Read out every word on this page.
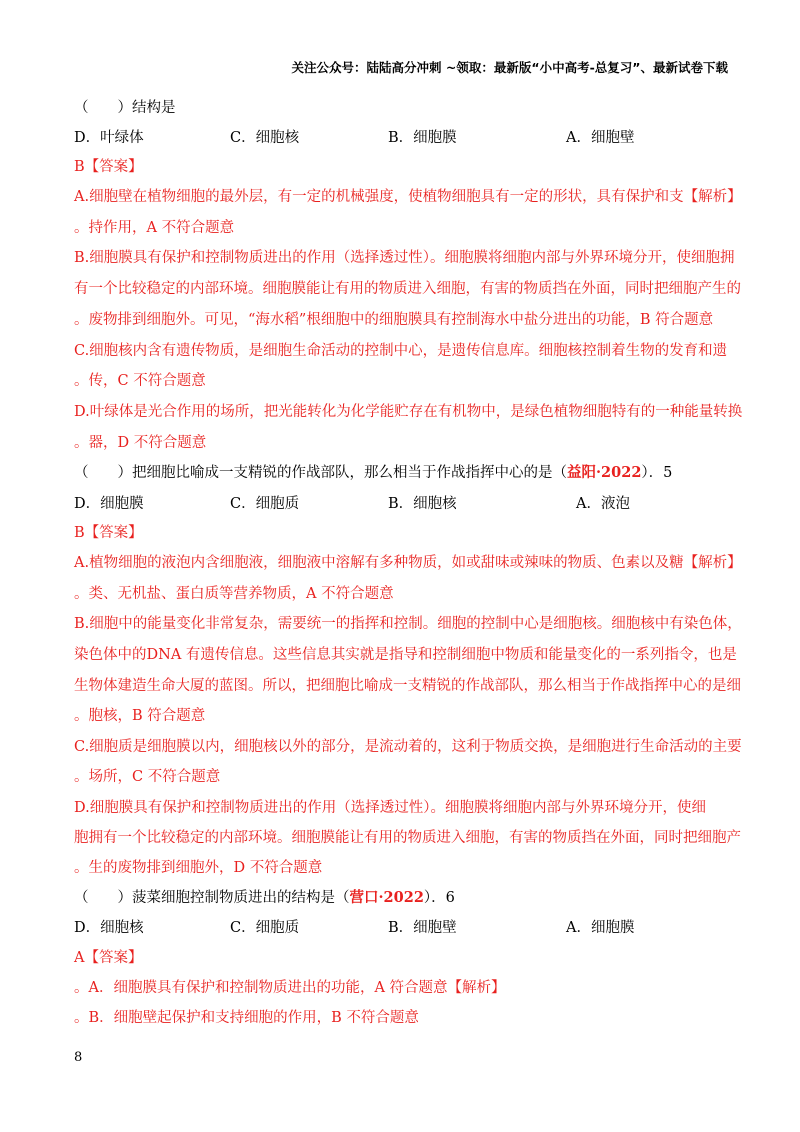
关注公众号：陆陆高分冲刺 ~领取：最新版“小中高考-总复习”、最新试卷下载
（　　）结构是
D．叶绿体	C．细胞核	B．细胞膜	A．细胞壁
B【答案】
A.细胞壁在植物细胞的最外层，有一定的机械强度，使植物细胞具有一定的形状，具有保护和支【解析】
。持作用，A 不符合题意
B.细胞膜具有保护和控制物质进出的作用（选择透过性）。细胞膜将细胞内部与外界环境分开，使细胞拥
有一个比较稳定的内部环境。细胞膜能让有用的物质进入细胞，有害的物质挡在外面，同时把细胞产生的
。废物排到细胞外。可见，“海水稻”根细胞中的细胞膜具有控制海水中盐分进出的功能，B 符合题意
C.细胞核内含有遗传物质，是细胞生命活动的控制中心，是遗传信息库。细胞核控制着生物的发育和遗
。传，C 不符合题意
D.叶绿体是光合作用的场所，把光能转化为化学能贮存在有机物中，是绿色植物细胞特有的一种能量转换
。器，D 不符合题意
（　　）把细胞比喻成一支精锐的作战部队，那么相当于作战指挥中心的是（益阳·2022）．5
D．细胞膜	C．细胞质	B．细胞核	A．液泡
B【答案】
A.植物细胞的液泡内含细胞液，细胞液中溶解有多种物质，如或甜味或辣味的物质、色素以及糖【解析】
。类、无机盐、蛋白质等营养物质，A 不符合题意
B.细胞中的能量变化非常复杂，需要统一的指挥和控制。细胞的控制中心是细胞核。细胞核中有染色体，
染色体中的DNA 有遗传信息。这些信息其实就是指导和控制细胞中物质和能量变化的一系列指令，也是
生物体建造生命大厦的蓝图。所以，把细胞比喻成一支精锐的作战部队，那么相当于作战指挥中心的是细
。胞核，B 符合题意
C.细胞质是细胞膜以内，细胞核以外的部分，是流动着的，这利于物质交换，是细胞进行生命活动的主要
。场所，C 不符合题意
D.细胞膜具有保护和控制物质进出的作用（选择透过性）。细胞膜将细胞内部与外界环境分开，使细
胞拥有一个比较稳定的内部环境。细胞膜能让有用的物质进入细胞，有害的物质挡在外面，同时把细胞产
。生的废物排到细胞外，D 不符合题意
（　　）菠菜细胞控制物质进出的结构是（营口·2022）．6
D．细胞核	C．细胞质	B．细胞壁	A．细胞膜
A【答案】
。A．细胞膜具有保护和控制物质进出的功能，A 符合题意【解析】
。B．细胞壁起保护和支持细胞的作用，B 不符合题意
8
